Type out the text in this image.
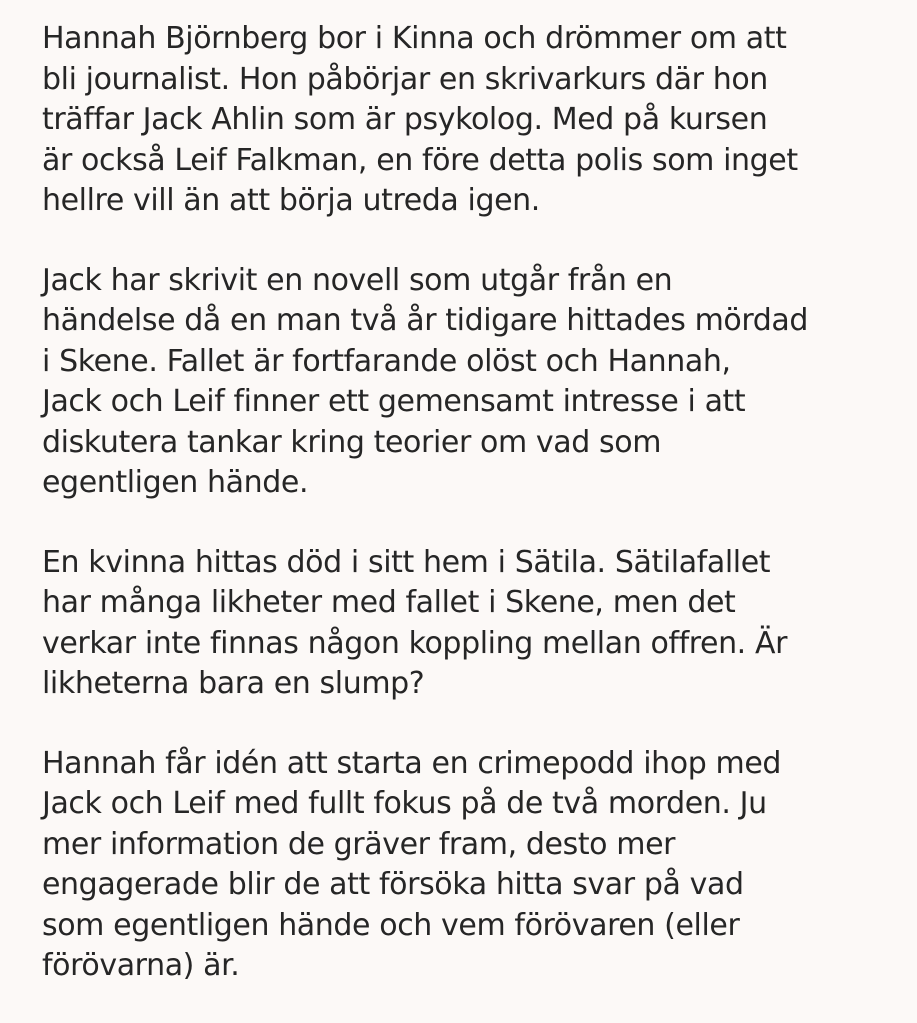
Hannah Björnberg bor i Kinna och drömmer om att
bli journalist. Hon påbörjar en skrivarkurs där hon
träffar Jack Ahlin som är psykolog. Med på kursen
är också Leif Falkman, en före detta polis som inget
hellre vill än att börja utreda igen.

Jack har skrivit en novell som utgår från en
händelse då en man två år tidigare hittades mördad
i Skene. Fallet är fortfarande olöst och Hannah,
Jack och Leif finner ett gemensamt intresse i att
diskutera tankar kring teorier om vad som
egentligen hände.

En kvinna hittas död i sitt hem i Sätila. Sätilafallet
har många likheter med fallet i Skene, men det
verkar inte finnas någon koppling mellan offren. Är
likheterna bara en slump?

Hannah får idén att starta en crimepodd ihop med
Jack och Leif med fullt fokus på de två morden. Ju
mer information de gräver fram, desto mer
engagerade blir de att försöka hitta svar på vad
som egentligen hände och vem förövaren (eller
förövarna) är.
